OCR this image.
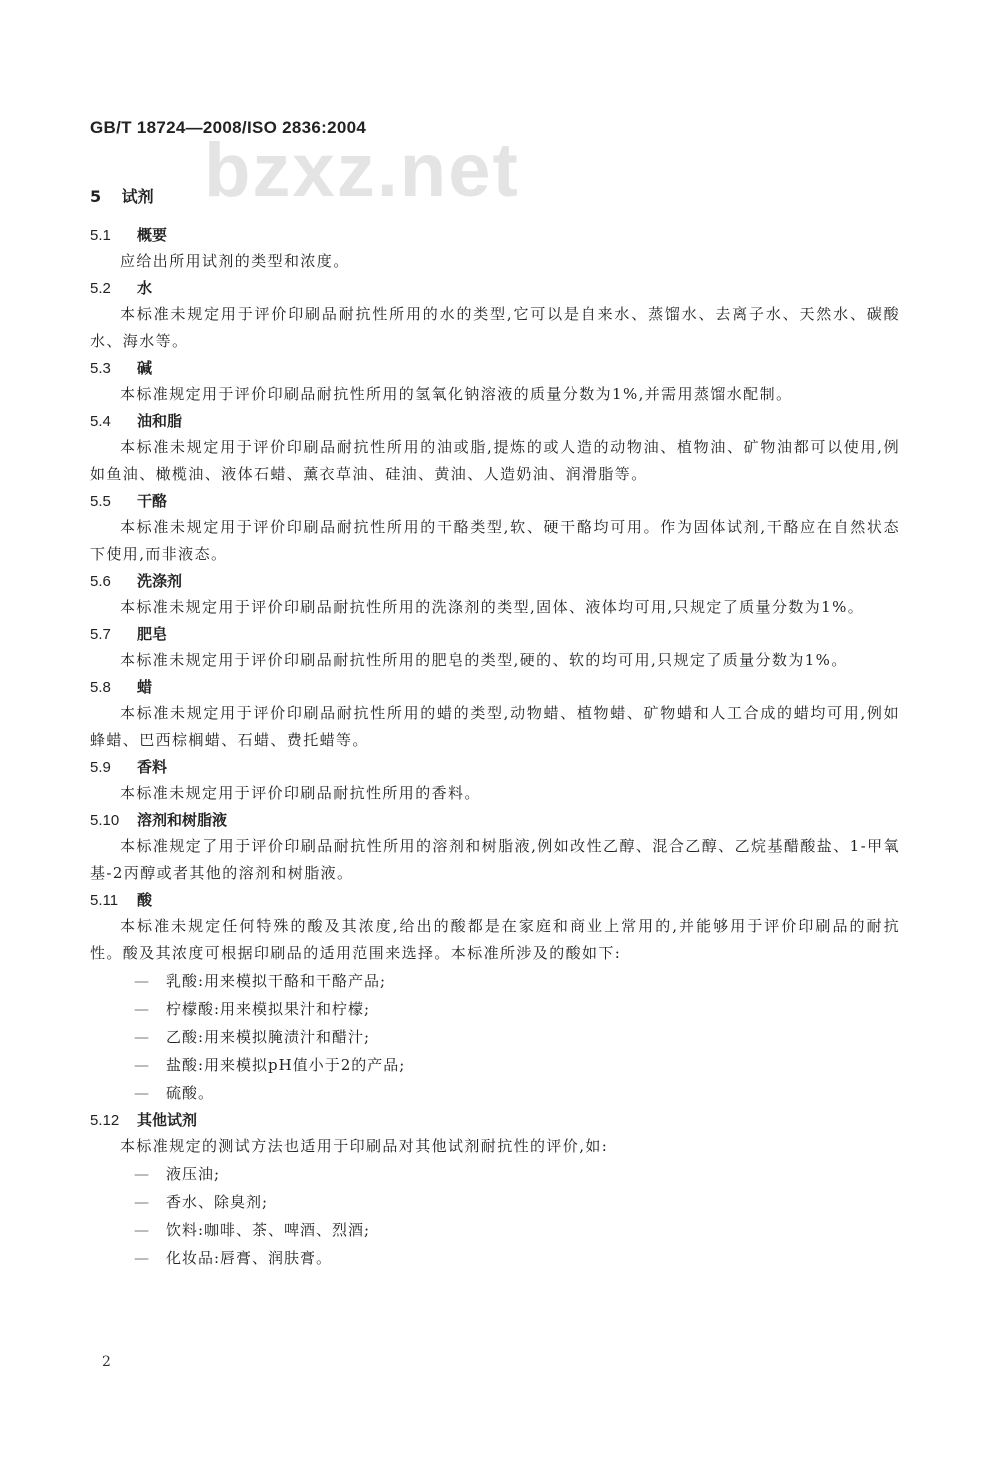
bzxz.net
GB/T 18724—2008/ISO 2836:2004
5 试剂
5.1 概要
应给出所用试剂的类型和浓度。
5.2 水
本标准未规定用于评价印刷品耐抗性所用的水的类型,它可以是自来水、蒸馏水、去离子水、天然水、碳酸水、海水等。
5.3 碱
本标准规定用于评价印刷品耐抗性所用的氢氧化钠溶液的质量分数为1%,并需用蒸馏水配制。
5.4 油和脂
本标准未规定用于评价印刷品耐抗性所用的油或脂,提炼的或人造的动物油、植物油、矿物油都可以使用,例如鱼油、橄榄油、液体石蜡、薰衣草油、硅油、黄油、人造奶油、润滑脂等。
5.5 干酪
本标准未规定用于评价印刷品耐抗性所用的干酪类型,软、硬干酪均可用。作为固体试剂,干酪应在自然状态下使用,而非液态。
5.6 洗涤剂
本标准未规定用于评价印刷品耐抗性所用的洗涤剂的类型,固体、液体均可用,只规定了质量分数为1%。
5.7 肥皂
本标准未规定用于评价印刷品耐抗性所用的肥皂的类型,硬的、软的均可用,只规定了质量分数为1%。
5.8 蜡
本标准未规定用于评价印刷品耐抗性所用的蜡的类型,动物蜡、植物蜡、矿物蜡和人工合成的蜡均可用,例如蜂蜡、巴西棕榈蜡、石蜡、费托蜡等。
5.9 香料
本标准未规定用于评价印刷品耐抗性所用的香料。
5.10 溶剂和树脂液
本标准规定了用于评价印刷品耐抗性所用的溶剂和树脂液,例如改性乙醇、混合乙醇、乙烷基醋酸盐、1-甲氧基-2丙醇或者其他的溶剂和树脂液。
5.11 酸
本标准未规定任何特殊的酸及其浓度,给出的酸都是在家庭和商业上常用的,并能够用于评价印刷品的耐抗性。酸及其浓度可根据印刷品的适用范围来选择。本标准所涉及的酸如下:
— 乳酸:用来模拟干酪和干酪产品;
— 柠檬酸:用来模拟果汁和柠檬;
— 乙酸:用来模拟腌渍汁和醋汁;
— 盐酸:用来模拟pH值小于2的产品;
— 硫酸。
5.12 其他试剂
本标准规定的测试方法也适用于印刷品对其他试剂耐抗性的评价,如:
— 液压油;
— 香水、除臭剂;
— 饮料:咖啡、茶、啤酒、烈酒;
— 化妆品:唇膏、润肤膏。
2
